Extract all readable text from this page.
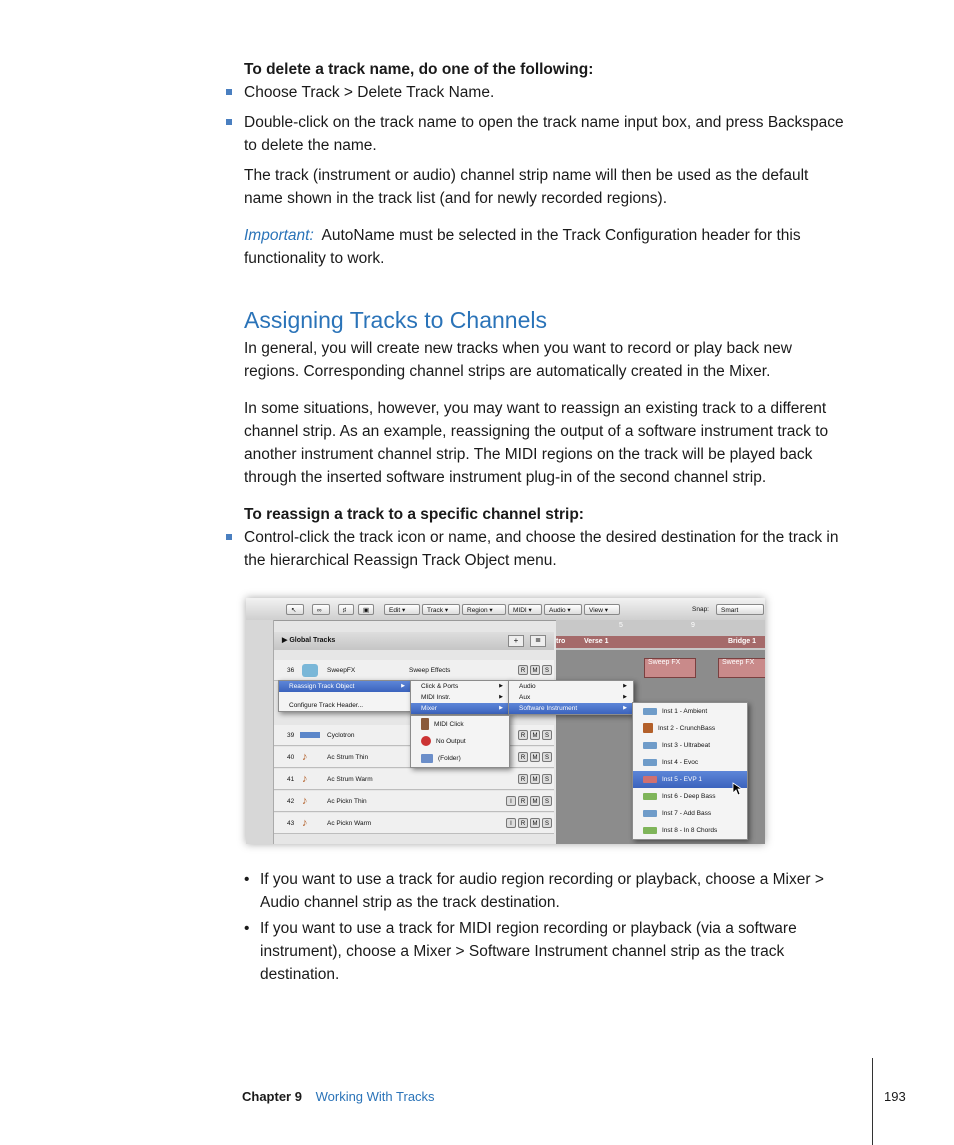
To delete a track name, do one of the following:
Choose Track > Delete Track Name.
Double-click on the track name to open the track name input box, and press Backspace
to delete the name.
The track (instrument or audio) channel strip name will then be used as the default
name shown in the track list (and for newly recorded regions).
Important: AutoName must be selected in the Track Configuration header for this
functionality to work.
Assigning Tracks to Channels
In general, you will create new tracks when you want to record or play back new
regions. Corresponding channel strips are automatically created in the Mixer.
In some situations, however, you may want to reassign an existing track to a different
channel strip. As an example, reassigning the output of a software instrument track to
another instrument channel strip. The MIDI regions on the track will be played back
through the inserted software instrument plug-in of the second channel strip.
To reassign a track to a specific channel strip:
Control-click the track icon or name, and choose the desired destination for the track in
the hierarchical Reassign Track Object menu.
↖	∞	♯	▣	Edit ▾	Track ▾	Region ▾	MIDI ▾	Audio ▾	View ▾	Snap:	Smart
▶ Global Tracks	+	≣
5	9
tro	Verse 1	Bridge 1
Sweep FX	Sweep FX
36	SweepFX	Sweep Effects	R	M	S
39	Cyclotron	R	M	S
40 ♪	Ac Strum Thin	R	M	S
41 ♪	Ac Strum Warm	R	M	S
42 ♪	Ac Pickn Thin	I	R	M	S
43 ♪	Ac Pickn Warm	I	R	M	S
Reassign Track Object	▶
Configure Track Header...
Click & Ports	▶
MIDI Instr.	▶
Mixer	▶
Audio	▶
Aux	▶
Software Instrument	▶
MIDI Click
No Output
(Folder)
Inst 1 - Ambient
Inst 2 - CrunchBass
Inst 3 - Ultrabeat
Inst 4 - Evoc
Inst 5 - EVP 1
Inst 6 - Deep Bass
Inst 7 - Add Bass
Inst 8 - In 8 Chords
• If you want to use a track for audio region recording or playback, choose a Mixer >
Audio channel strip as the track destination.
• If you want to use a track for MIDI region recording or playback (via a software
instrument), choose a Mixer > Software Instrument channel strip as the track
destination.
Chapter 9 Working With Tracks	193
